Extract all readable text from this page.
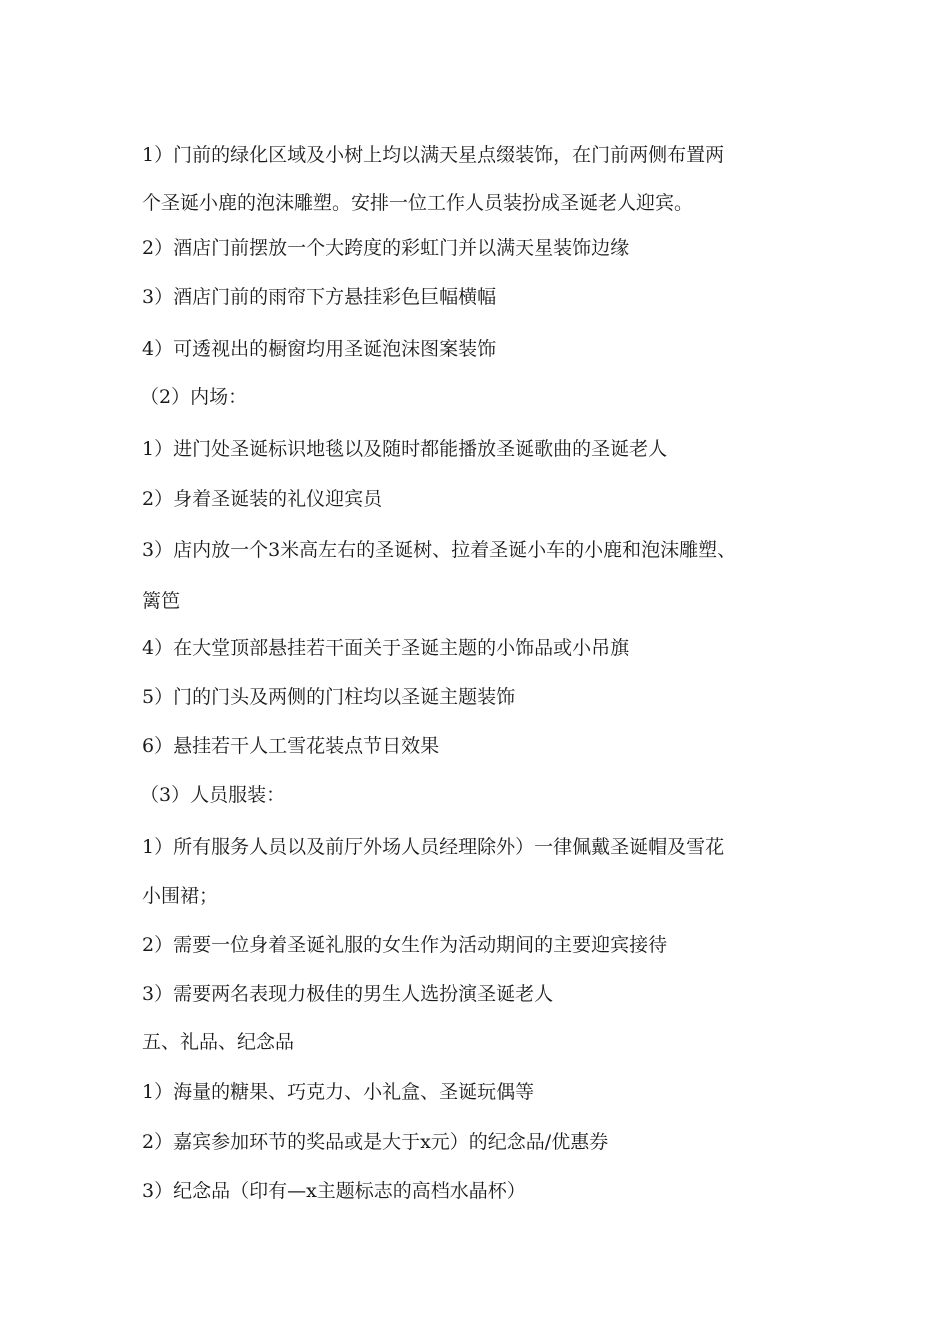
1）门前的绿化区域及小树上均以满天星点缀装饰，在门前两侧布置两
个圣诞小鹿的泡沫雕塑。安排一位工作人员装扮成圣诞老人迎宾。
2）酒店门前摆放一个大跨度的彩虹门并以满天星装饰边缘
3）酒店门前的雨帘下方悬挂彩色巨幅横幅
4）可透视出的橱窗均用圣诞泡沫图案装饰
（2）内场：
1）进门处圣诞标识地毯以及随时都能播放圣诞歌曲的圣诞老人
2）身着圣诞装的礼仪迎宾员
3）店内放一个3米高左右的圣诞树、拉着圣诞小车的小鹿和泡沫雕塑、
篱笆
4）在大堂顶部悬挂若干面关于圣诞主题的小饰品或小吊旗
5）门的门头及两侧的门柱均以圣诞主题装饰
6）悬挂若干人工雪花装点节日效果
（3）人员服装：
1）所有服务人员以及前厅外场人员经理除外）一律佩戴圣诞帽及雪花
小围裙；
2）需要一位身着圣诞礼服的女生作为活动期间的主要迎宾接待
3）需要两名表现力极佳的男生人选扮演圣诞老人
五、礼品、纪念品
1）海量的糖果、巧克力、小礼盒、圣诞玩偶等
2）嘉宾参加环节的奖品或是大于x元）的纪念品/优惠券
3）纪念品（印有—x主题标志的高档水晶杯）
